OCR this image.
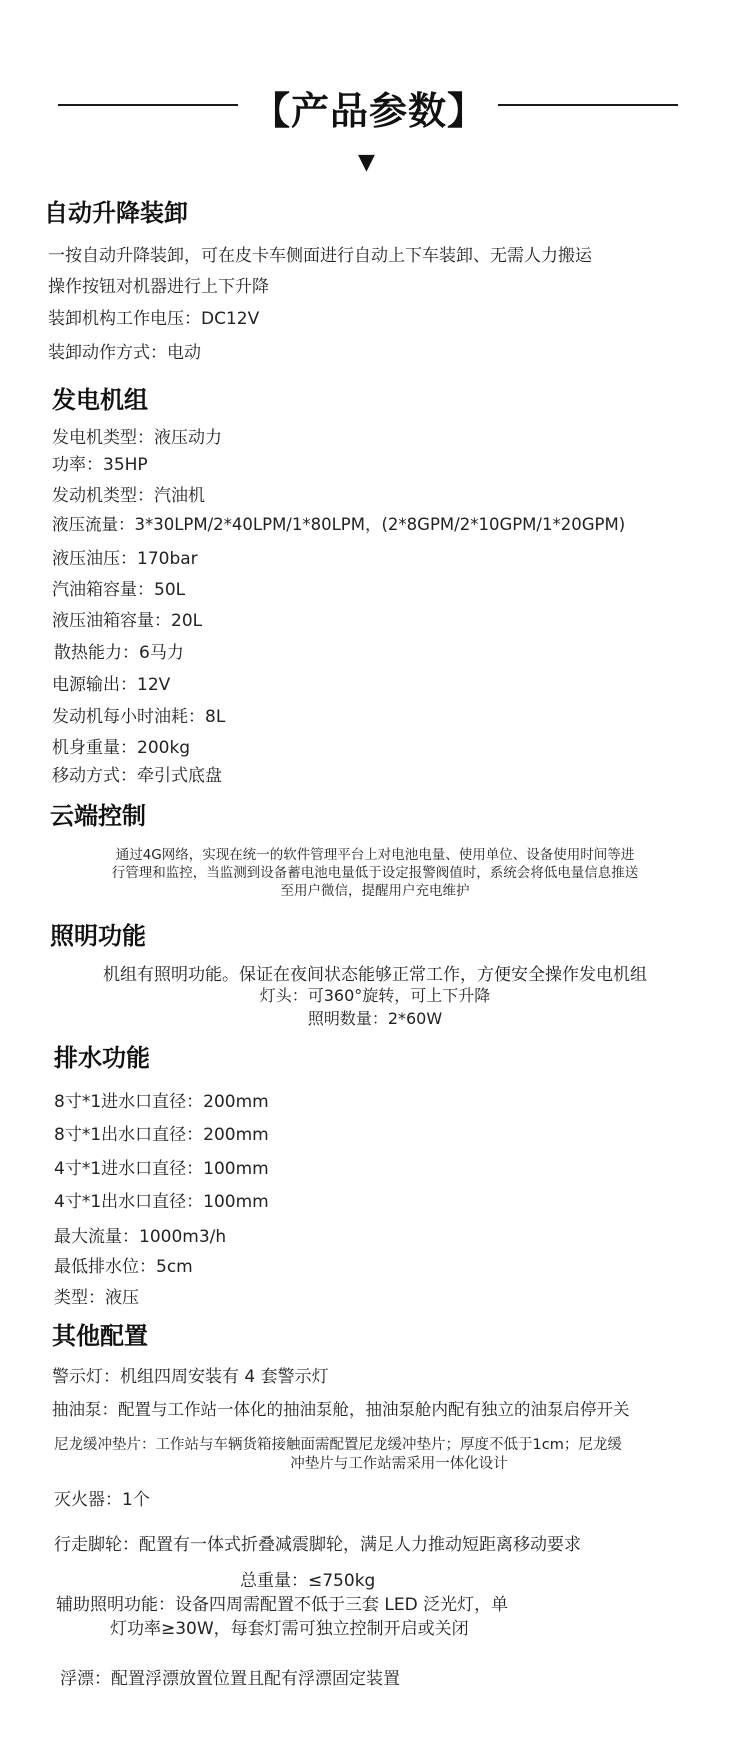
【产品参数】
▼
自动升降装卸
一按自动升降装卸，可在皮卡车侧面进行自动上下车装卸、无需人力搬运
操作按钮对机器进行上下升降
装卸机构工作电压：DC12V
装卸动作方式：电动
发电机组
发电机类型：液压动力
功率：35HP
发动机类型：汽油机
液压流量：3*30LPM/2*40LPM/1*80LPM，(2*8GPM/2*10GPM/1*20GPM)
液压油压：170bar
汽油箱容量：50L
液压油箱容量：20L
散热能力：6马力
电源输出：12V
发动机每小时油耗：8L
机身重量：200kg
移动方式：牵引式底盘
云端控制
通过4G网络，实现在统一的软件管理平台上对电池电量、使用单位、设备使用时间等进
行管理和监控，当监测到设备蓄电池电量低于设定报警阀值时，系统会将低电量信息推送
至用户微信，提醒用户充电维护
照明功能
机组有照明功能。保证在夜间状态能够正常工作，方便安全操作发电机组
灯头：可360°旋转，可上下升降
照明数量：2*60W
排水功能
8寸*1进水口直径：200mm
8寸*1出水口直径：200mm
4寸*1进水口直径：100mm
4寸*1出水口直径：100mm
最大流量：1000m3/h
最低排水位：5cm
类型：液压
其他配置
警示灯：机组四周安装有 4 套警示灯
抽油泵：配置与工作站一体化的抽油泵舱，抽油泵舱内配有独立的油泵启停开关
尼龙缓冲垫片：工作站与车辆货箱接触面需配置尼龙缓冲垫片；厚度不低于1cm；尼龙缓
冲垫片与工作站需采用一体化设计
灭火器：1个
行走脚轮：配置有一体式折叠减震脚轮，满足人力推动短距离移动要求
总重量：≤750kg
辅助照明功能：设备四周需配置不低于三套 LED 泛光灯，单
灯功率≥30W，每套灯需可独立控制开启或关闭
浮漂：配置浮漂放置位置且配有浮漂固定装置
